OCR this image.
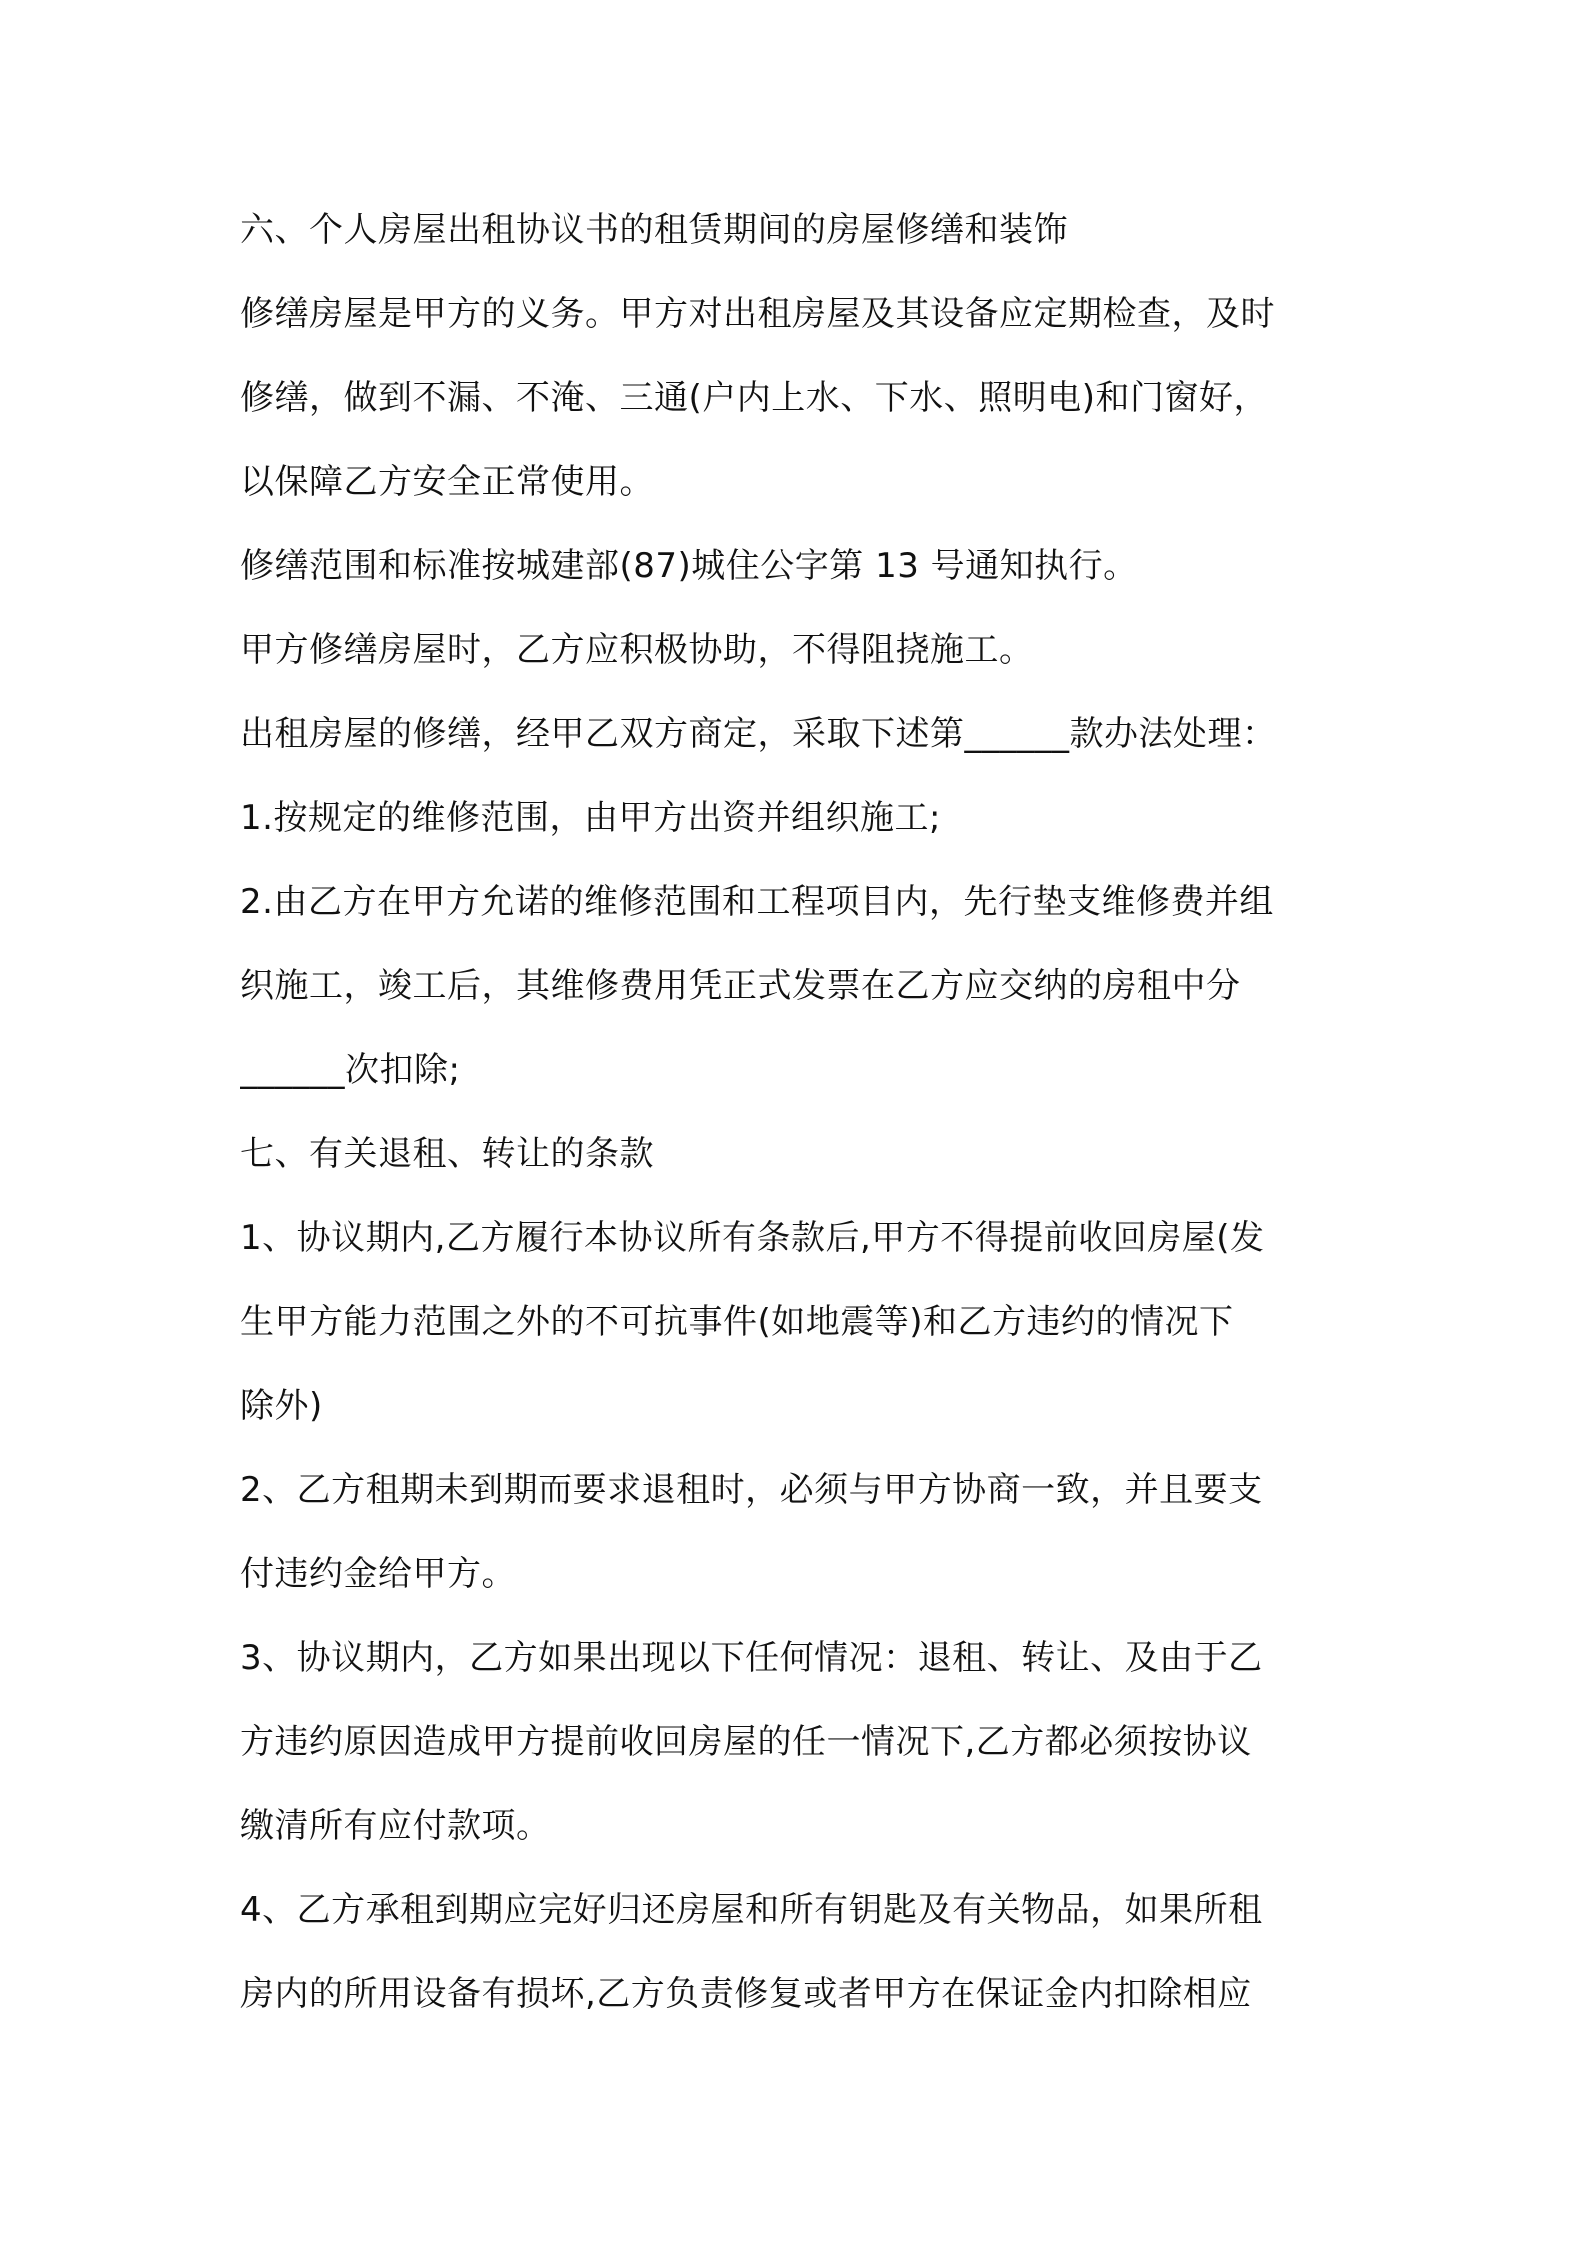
六、个人房屋出租协议书的租赁期间的房屋修缮和装饰
修缮房屋是甲方的义务。甲方对出租房屋及其设备应定期检查，及时
修缮，做到不漏、不淹、三通(户内上水、下水、照明电)和门窗好，
以保障乙方安全正常使用。
修缮范围和标准按城建部(87)城住公字第 13 号通知执行。
甲方修缮房屋时，乙方应积极协助，不得阻挠施工。
出租房屋的修缮，经甲乙双方商定，采取下述第______款办法处理：
1.按规定的维修范围，由甲方出资并组织施工;
2.由乙方在甲方允诺的维修范围和工程项目内，先行垫支维修费并组
织施工，竣工后，其维修费用凭正式发票在乙方应交纳的房租中分
______次扣除;
七、有关退租、转让的条款
1、协议期内,乙方履行本协议所有条款后,甲方不得提前收回房屋(发
生甲方能力范围之外的不可抗事件(如地震等)和乙方违约的情况下
除外)
2、乙方租期未到期而要求退租时，必须与甲方协商一致，并且要支
付违约金给甲方。
3、协议期内，乙方如果出现以下任何情况：退租、转让、及由于乙
方违约原因造成甲方提前收回房屋的任一情况下,乙方都必须按协议
缴清所有应付款项。
4、乙方承租到期应完好归还房屋和所有钥匙及有关物品，如果所租
房内的所用设备有损坏,乙方负责修复或者甲方在保证金内扣除相应
